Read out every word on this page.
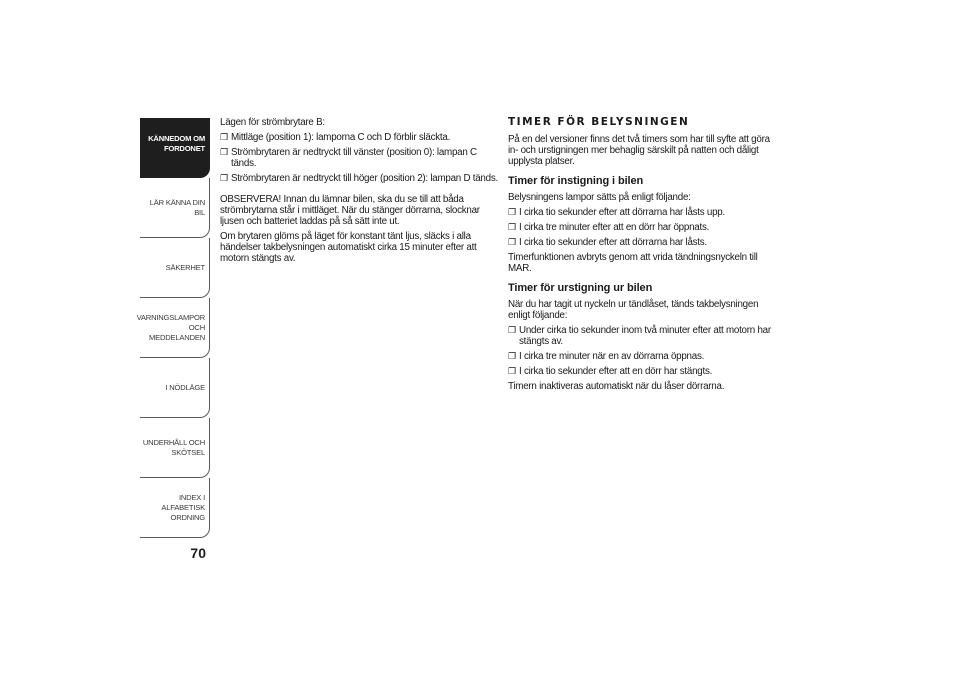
KÄNNEDOM OM FORDONET
LÄR KÄNNA DIN BIL
SÄKERHET
VARNINGSLAMPOR OCH MEDDELANDEN
I NÖDLÄGE
UNDERHÅLL OCH SKÖTSEL
INDEX I ALFABETISK ORDNING
70

Lägen för strömbrytare B:

❐ Mittläge (position 1): lamporna C och D förblir släckta.
❐ Strömbrytaren är nedtryckt till vänster (position 0): lampan C tänds.
❐ Strömbrytaren är nedtryckt till höger (position 2): lampan D tänds.

OBSERVERA! Innan du lämnar bilen, ska du se till att båda strömbrytarna står i mittläget. När du stänger dörrarna, slocknar ljusen och batteriet laddas på så sätt inte ut.

Om brytaren glöms på läget för konstant tänt ljus, släcks i alla händelser takbelysningen automatiskt cirka 15 minuter efter att motorn stängts av.

TIMER FÖR BELYSNINGEN

På en del versioner finns det två timers som har till syfte att göra in- och urstigningen mer behaglig särskilt på natten och dåligt upplysta platser.

Timer för instigning i bilen

Belysningens lampor sätts på enligt följande:

❐ I cirka tio sekunder efter att dörrarna har låsts upp.
❐ I cirka tre minuter efter att en dörr har öppnats.
❐ I cirka tio sekunder efter att dörrarna har låsts.

Timerfunktionen avbryts genom att vrida tändningsnyckeln till MAR.

Timer för urstigning ur bilen

När du har tagit ut nyckeln ur tändlåset, tänds takbelysningen enligt följande:

❐ Under cirka tio sekunder inom två minuter efter att motorn har stängts av.
❐ I cirka tre minuter när en av dörrarna öppnas.
❐ I cirka tio sekunder efter att en dörr har stängts.

Timern inaktiveras automatiskt när du låser dörrarna.
